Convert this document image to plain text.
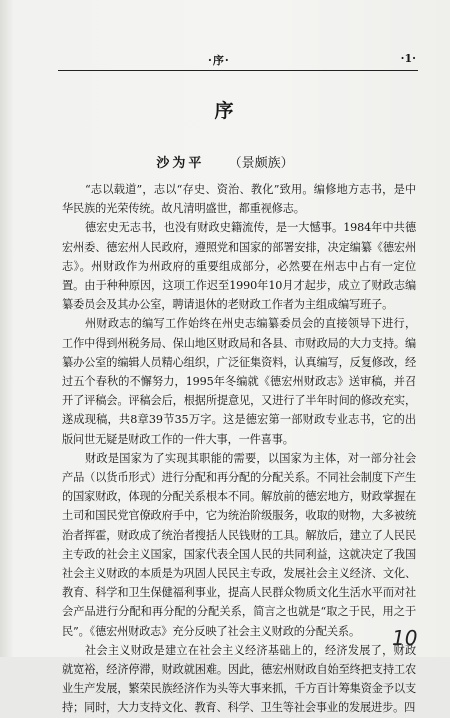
·序·	·1·
序
沙为平 （景颇族）

“志以载道”，志以“存史、资治、教化”致用。编修地方志书，是中华民族的光荣传统。故凡清明盛世，都重视修志。

德宏史无志书，也没有财政史籍流传，是一大憾事。1984年中共德宏州委、德宏州人民政府，遵照党和国家的部署安排，决定编纂《德宏州志》。州财政作为州政府的重要组成部分，必然要在州志中占有一定位置。由于种种原因，这项工作迟至1990年10月才起步，成立了财政志编纂委员会及其办公室，聘请退休的老财政工作者为主组成编写班子。

州财政志的编写工作始终在州史志编纂委员会的直接领导下进行，工作中得到州税务局、保山地区财政局和各县、市财政局的大力支持。编纂办公室的编辑人员精心组织，广泛征集资料，认真编写，反复修改，经过五个春秋的不懈努力，1995年冬编就《德宏州财政志》送审稿，并召开了评稿会。评稿会后，根据所提意见，又进行了半年时间的修改充实，遂成现稿，共8章39节35万字。这是德宏第一部财政专业志书，它的出版问世无疑是财政工作的一件大事，一件喜事。

财政是国家为了实现其职能的需要，以国家为主体，对一部分社会产品（以货币形式）进行分配和再分配的分配关系。不同社会制度下产生的国家财政，体现的分配关系根本不同。解放前的德宏地方，财政掌握在土司和国民党官僚政府手中，它为统治阶级服务，收取的财物，大多被统治者挥霍，财政成了统治者搜括人民钱财的工具。解放后，建立了人民民主专政的社会主义国家，国家代表全国人民的共同利益，这就决定了我国社会主义财政的本质是为巩固人民民主专政，发展社会主义经济、文化、教育、科学和卫生保健福利事业，提高人民群众物质文化生活水平而对社会产品进行分配和再分配的分配关系，简言之也就是“取之于民，用之于民”。《德宏州财政志》充分反映了社会主义财政的分配关系。

社会主义财政是建立在社会主义经济基础上的，经济发展了，财政就宽裕，经济停滞，财政就困难。因此，德宏州财政自始至终把支持工农业生产发展，繁荣民族经济作为头等大事来抓，千方百计筹集资金予以支持；同时，大力支持文化、教育、科学、卫生等社会事业的发展进步。四

10
